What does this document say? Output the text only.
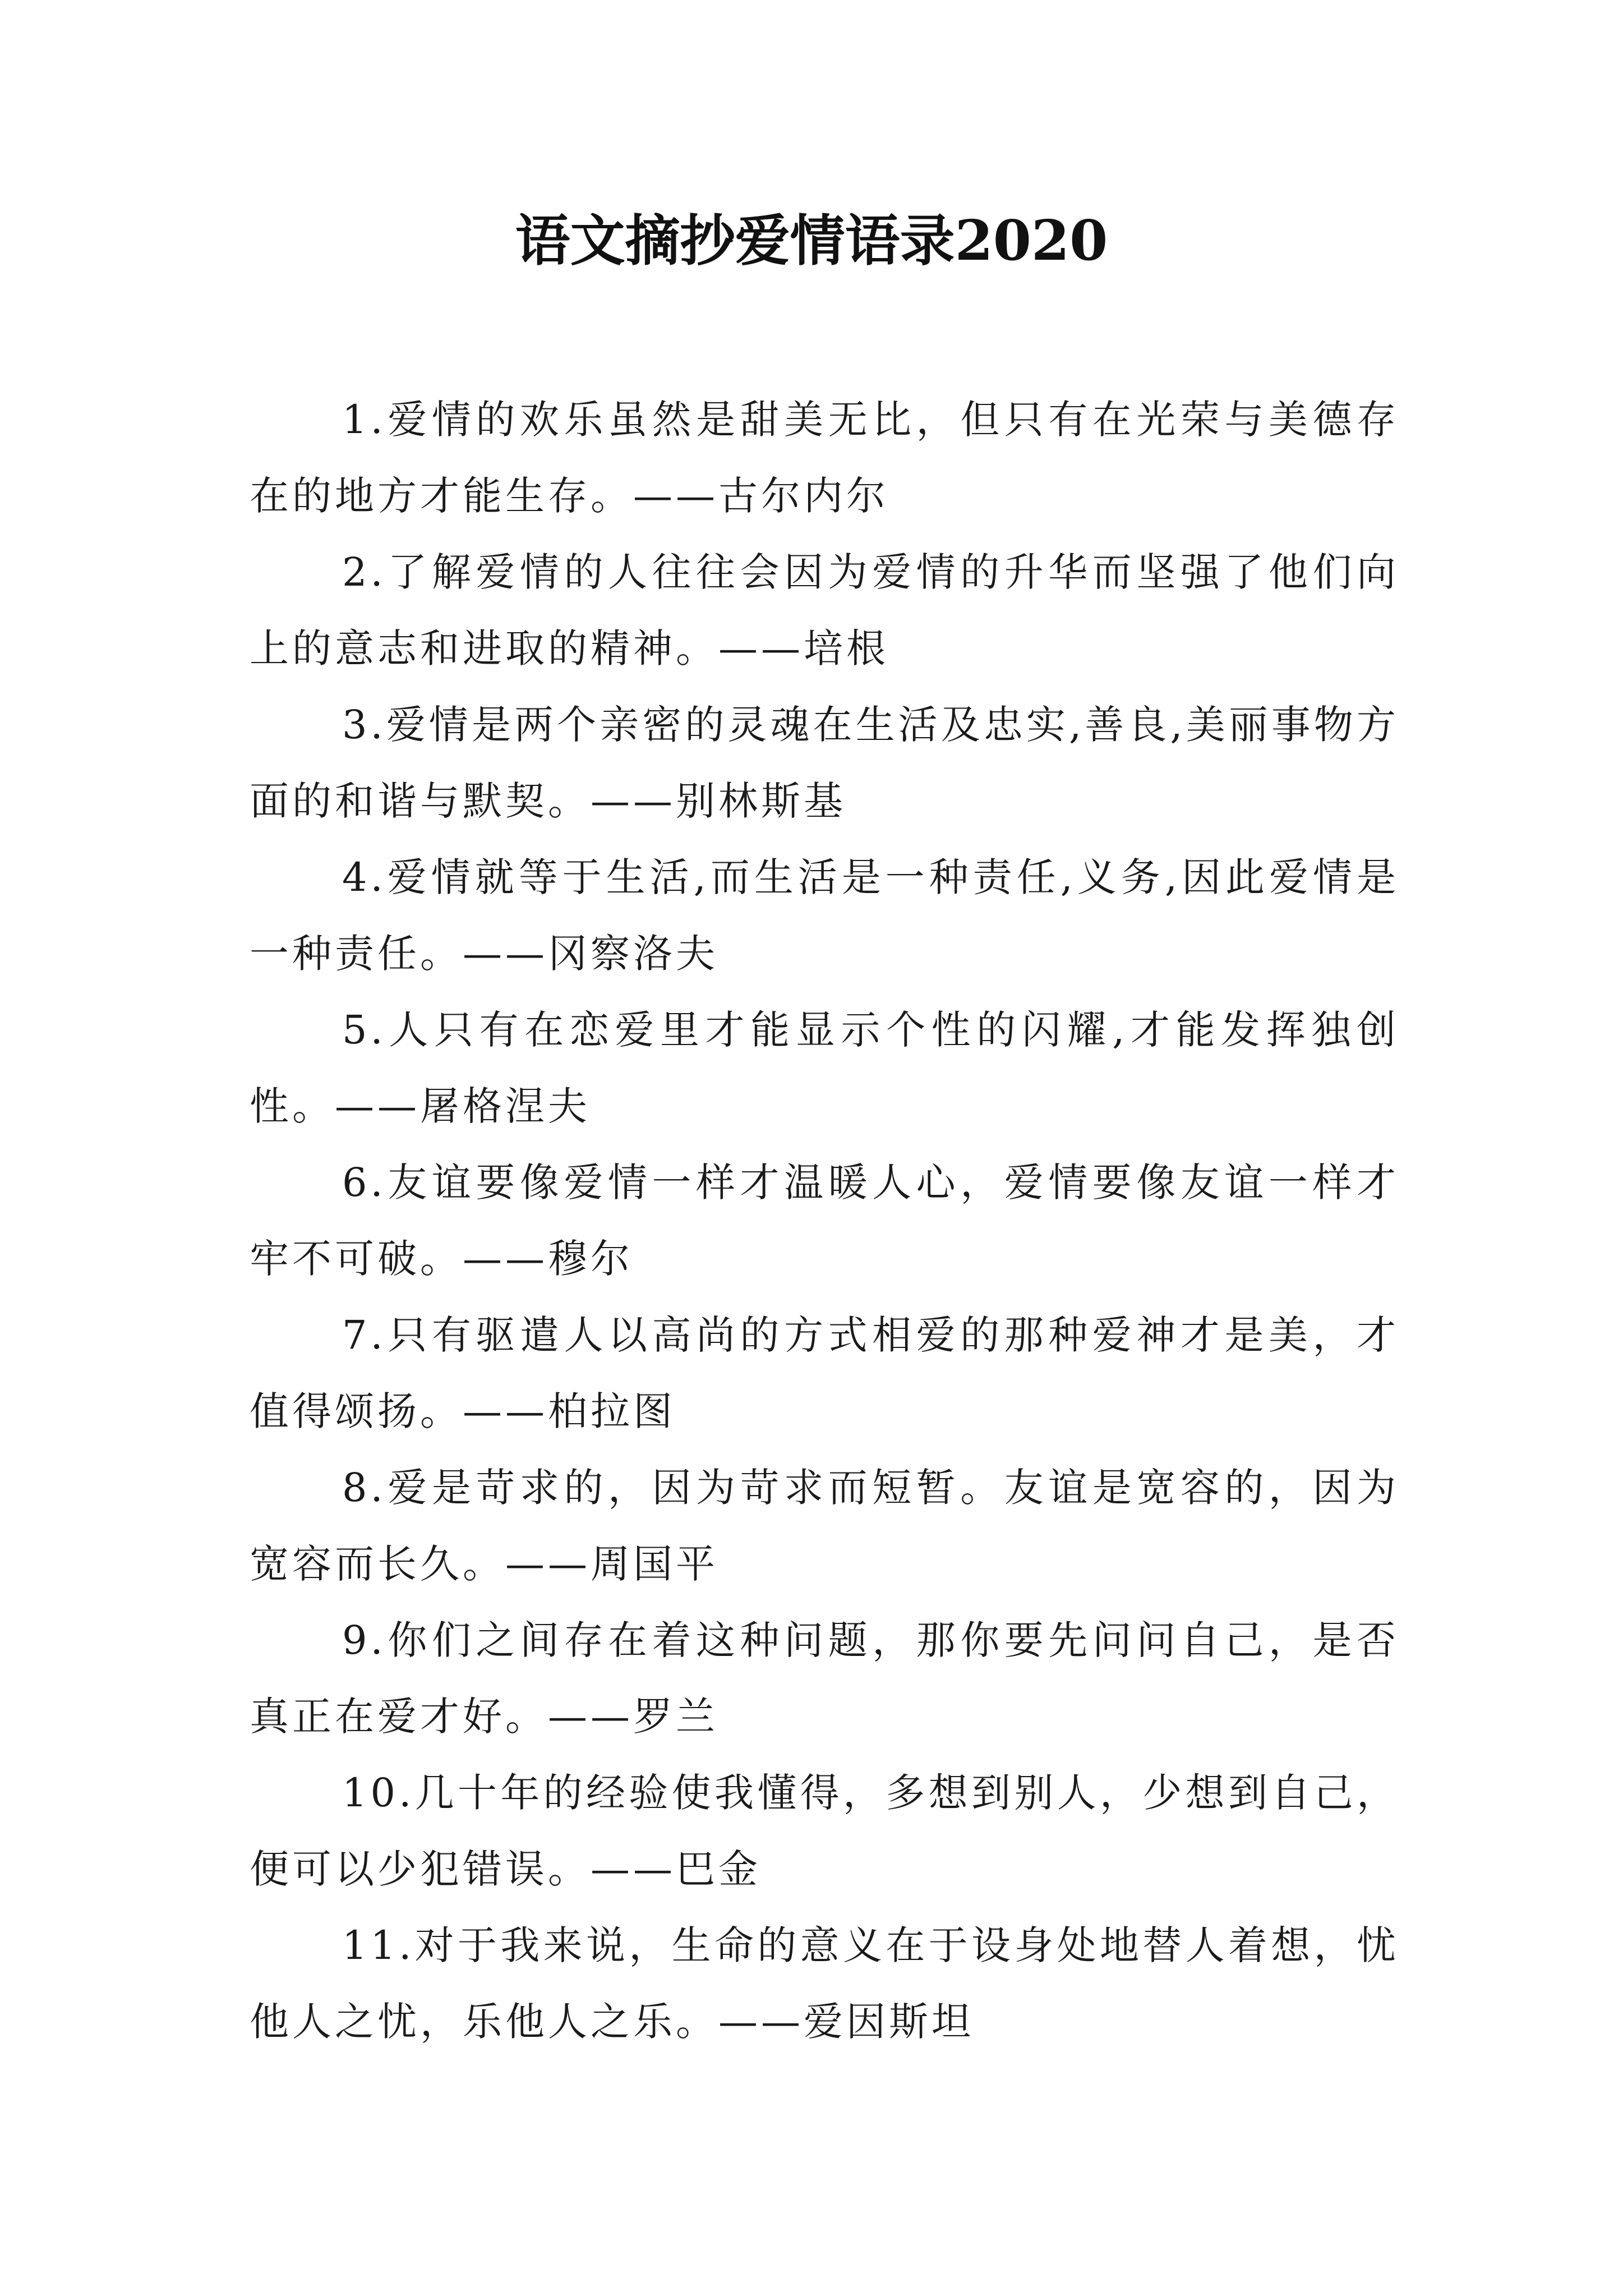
语文摘抄爱情语录2020

1.爱情的欢乐虽然是甜美无比，但只有在光荣与美德存在的地方才能生存。——古尔内尔

2.了解爱情的人往往会因为爱情的升华而坚强了他们向上的意志和进取的精神。——培根

3.爱情是两个亲密的灵魂在生活及忠实,善良,美丽事物方面的和谐与默契。——别林斯基

4.爱情就等于生活,而生活是一种责任,义务,因此爱情是一种责任。——冈察洛夫

5.人只有在恋爱里才能显示个性的闪耀,才能发挥独创性。——屠格涅夫

6.友谊要像爱情一样才温暖人心，爱情要像友谊一样才牢不可破。——穆尔

7.只有驱遣人以高尚的方式相爱的那种爱神才是美，才值得颂扬。——柏拉图

8.爱是苛求的，因为苛求而短暂。友谊是宽容的，因为宽容而长久。——周国平

9.你们之间存在着这种问题，那你要先问问自己，是否真正在爱才好。——罗兰

10.几十年的经验使我懂得，多想到别人，少想到自己，便可以少犯错误。——巴金

11.对于我来说，生命的意义在于设身处地替人着想，忧他人之忧，乐他人之乐。——爱因斯坦
